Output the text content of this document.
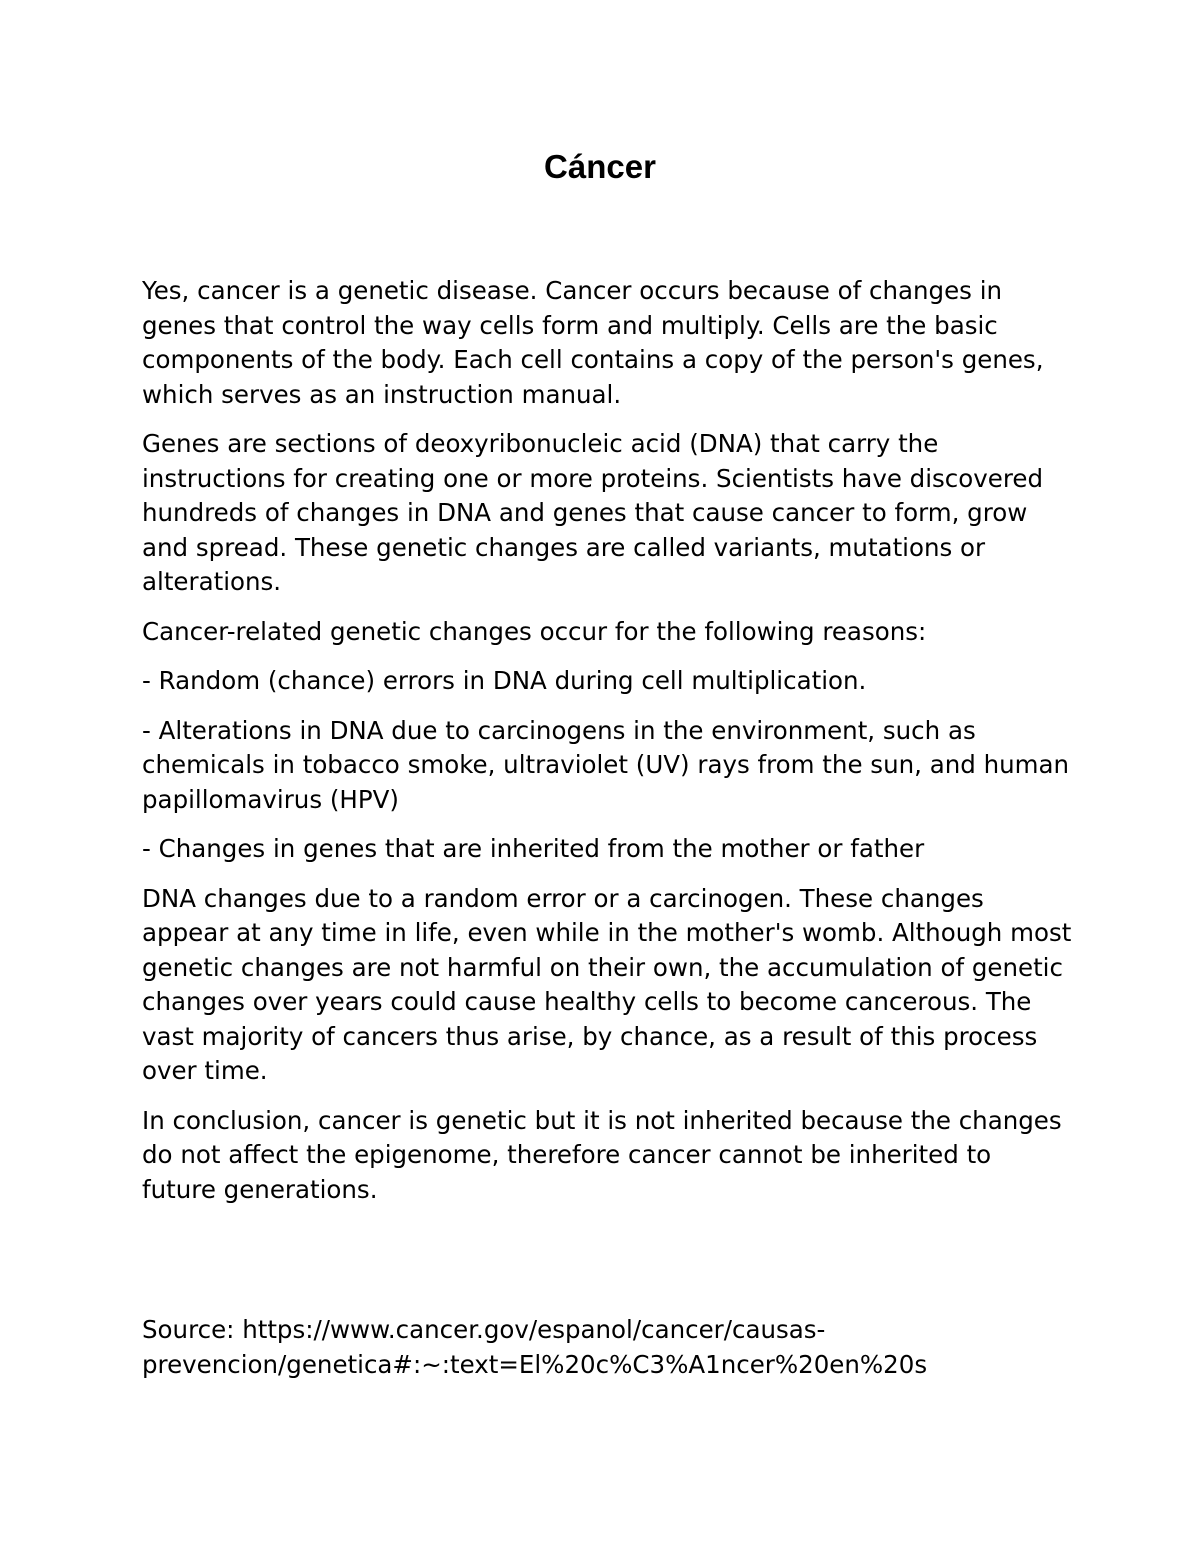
Cáncer

Yes, cancer is a genetic disease. Cancer occurs because of changes in genes that control the way cells form and multiply. Cells are the basic components of the body. Each cell contains a copy of the person's genes, which serves as an instruction manual.

Genes are sections of deoxyribonucleic acid (DNA) that carry the instructions for creating one or more proteins. Scientists have discovered hundreds of changes in DNA and genes that cause cancer to form, grow and spread. These genetic changes are called variants, mutations or alterations.

Cancer-related genetic changes occur for the following reasons:

- Random (chance) errors in DNA during cell multiplication.

- Alterations in DNA due to carcinogens in the environment, such as chemicals in tobacco smoke, ultraviolet (UV) rays from the sun, and human papillomavirus (HPV)

- Changes in genes that are inherited from the mother or father

DNA changes due to a random error or a carcinogen. These changes appear at any time in life, even while in the mother's womb. Although most genetic changes are not harmful on their own, the accumulation of genetic changes over years could cause healthy cells to become cancerous. The vast majority of cancers thus arise, by chance, as a result of this process over time.

In conclusion, cancer is genetic but it is not inherited because the changes do not affect the epigenome, therefore cancer cannot be inherited to future generations.

Source: https://www.cancer.gov/espanol/cancer/causas-
prevencion/genetica#:~:text=El%20c%C3%A1ncer%20en%20s
